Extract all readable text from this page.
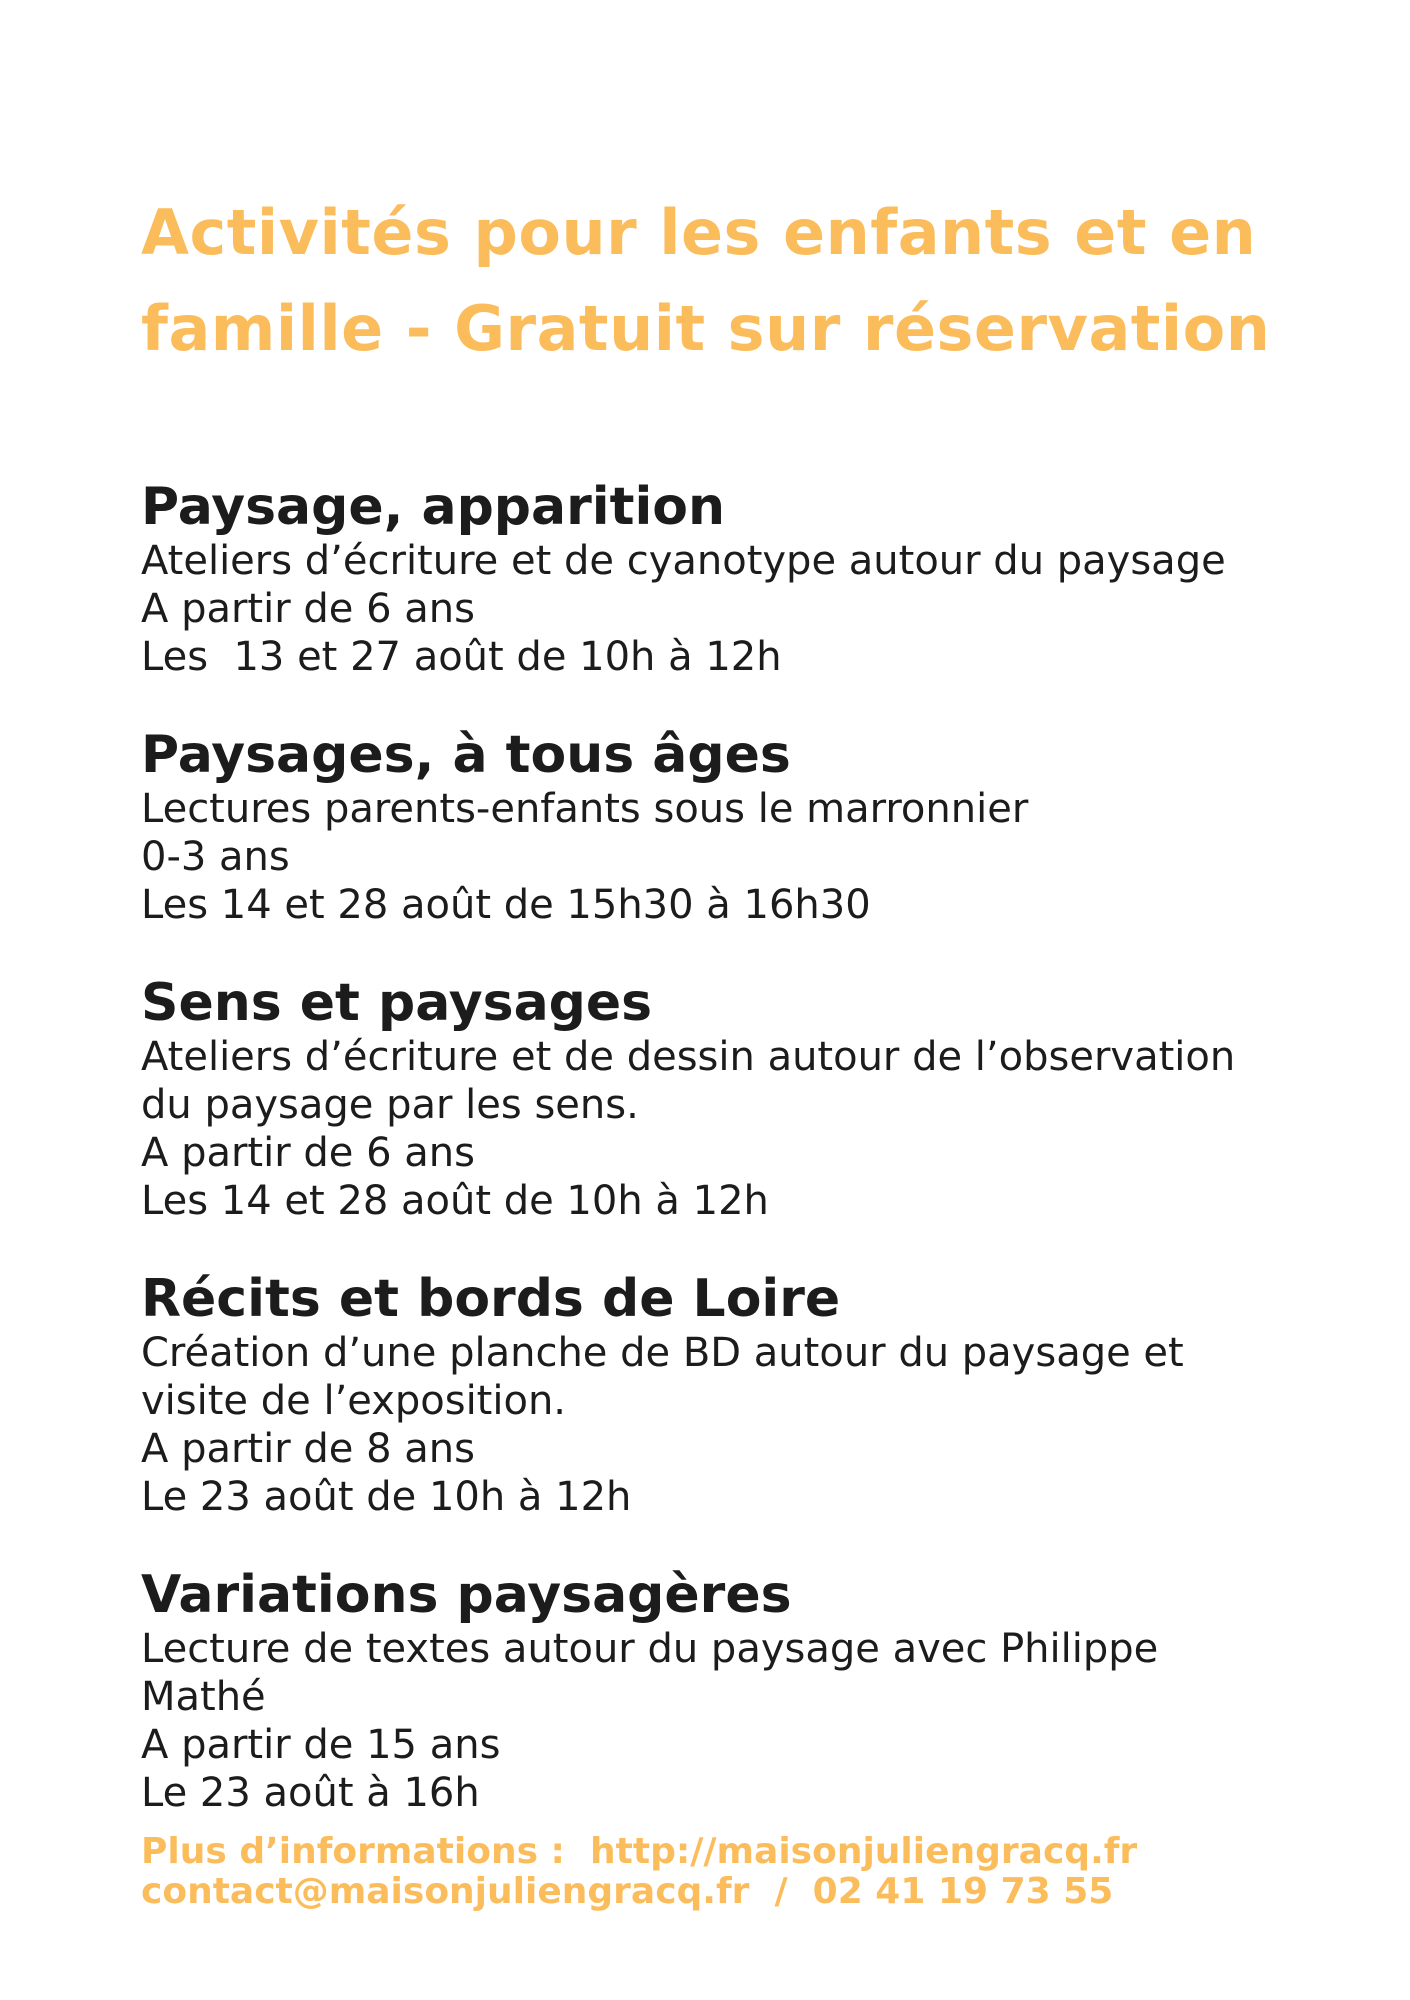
Activités pour les enfants et en
famille - Gratuit sur réservation

Paysage, apparition

Ateliers d’écriture et de cyanotype autour du paysage

A partir de 6 ans

Les  13 et 27 août de 10h à 12h

Paysages, à tous âges

Lectures parents-enfants sous le marronnier

0-3 ans

Les 14 et 28 août de 15h30 à 16h30

Sens et paysages

Ateliers d’écriture et de dessin autour de l’observation

du paysage par les sens.

A partir de 6 ans

Les 14 et 28 août de 10h à 12h

Récits et bords de Loire

Création d’une planche de BD autour du paysage et

visite de l’exposition.

A partir de 8 ans

Le 23 août de 10h à 12h

Variations paysagères

Lecture de textes autour du paysage avec Philippe

Mathé

A partir de 15 ans

Le 23 août à 16h

Plus d’informations :  http://maisonjuliengracq.fr
contact@maisonjuliengracq.fr  /  02 41 19 73 55
